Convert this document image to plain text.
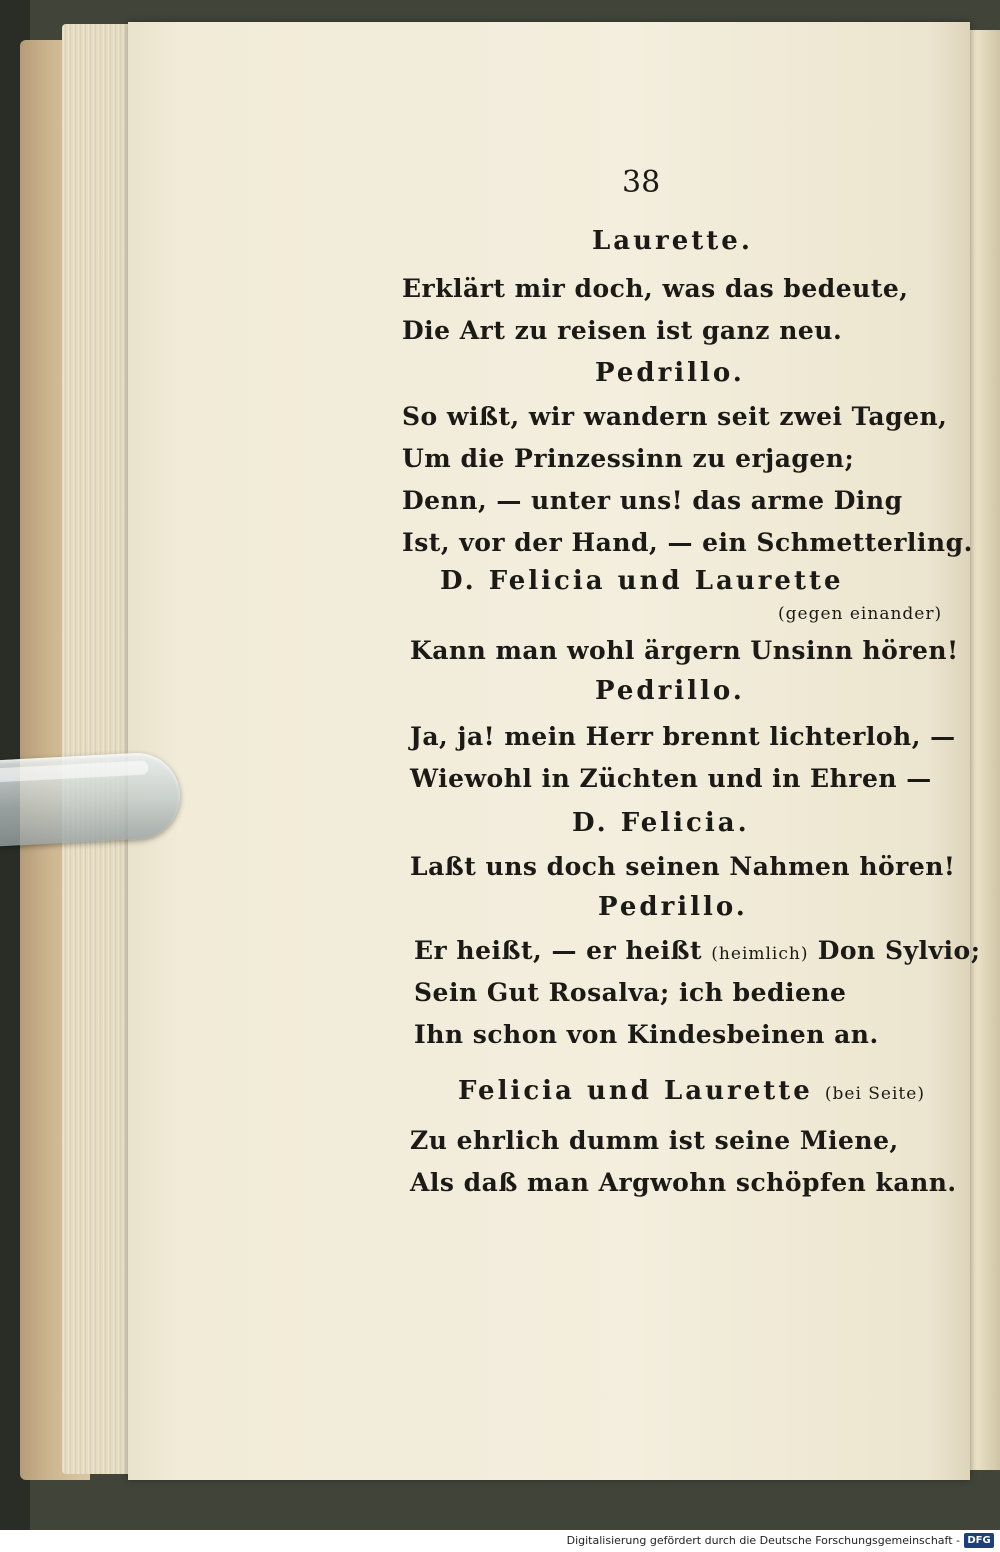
38
Laurette.
Erklärt mir doch, was das bedeute,
Die Art zu reisen ist ganz neu.
Pedrillo.
So wißt, wir wandern seit zwei Tagen,
Um die Prinzessinn zu erjagen;
Denn, — unter uns! das arme Ding
Ist, vor der Hand, — ein Schmetterling.
D. Felicia und Laurette
(gegen einander)
Kann man wohl ärgern Unsinn hören!
Pedrillo.
Ja, ja! mein Herr brennt lichterloh, —
Wiewohl in Züchten und in Ehren —
D. Felicia.
Laßt uns doch seinen Nahmen hören!
Pedrillo.
Er heißt, — er heißt (heimlich) Don Sylvio;
Sein Gut Rosalva; ich bediene
Ihn schon von Kindesbeinen an.
Felicia und Laurette (bei Seite)
Zu ehrlich dumm ist seine Miene,
Als daß man Argwohn schöpfen kann.
Digitalisierung gefördert durch die Deutsche Forschungsgemeinschaft - DFG
